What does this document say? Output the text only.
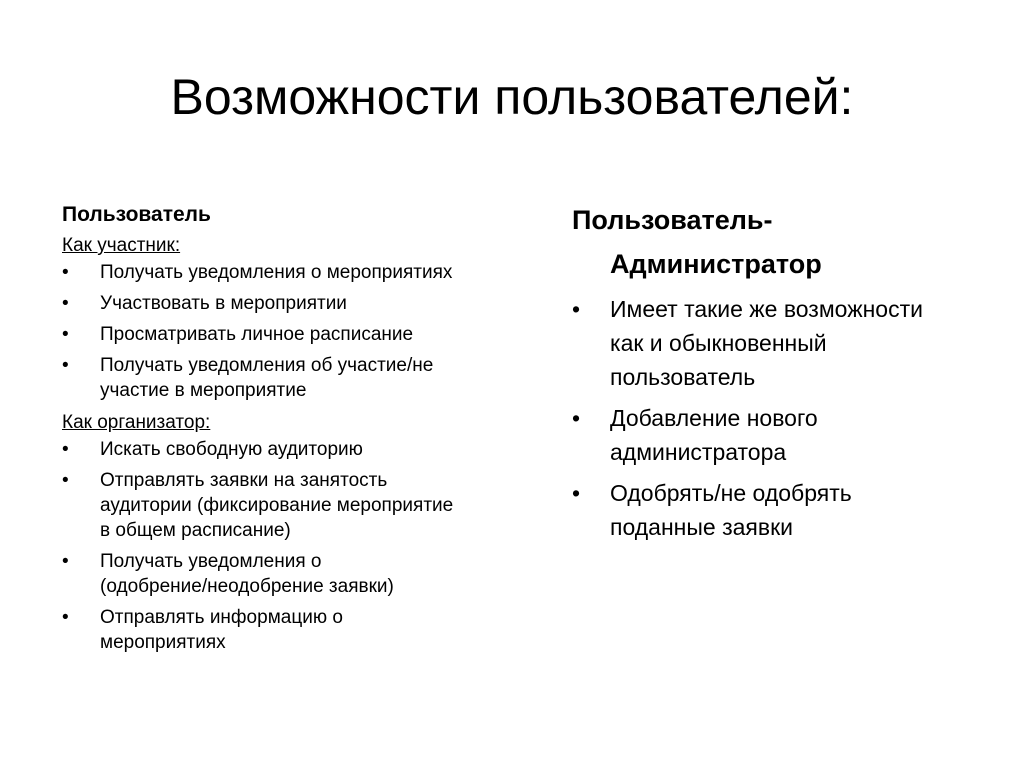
Возможности пользователей:
Пользователь
Как участник:
• Получать уведомления о мероприятиях
• Участвовать в мероприятии
• Просматривать личное расписание
• Получать уведомления об участие/не
участие в мероприятие
Как организатор:
• Искать свободную аудиторию
• Отправлять заявки на занятость
аудитории (фиксирование мероприятие
в общем расписание)
• Получать уведомления о
(одобрение/неодобрение заявки)
• Отправлять информацию о
мероприятиях
Пользователь-
Администратор
• Имеет такие же возможности
как и обыкновенный
пользователь
• Добавление нового
администратора
• Одобрять/не одобрять
поданные заявки
